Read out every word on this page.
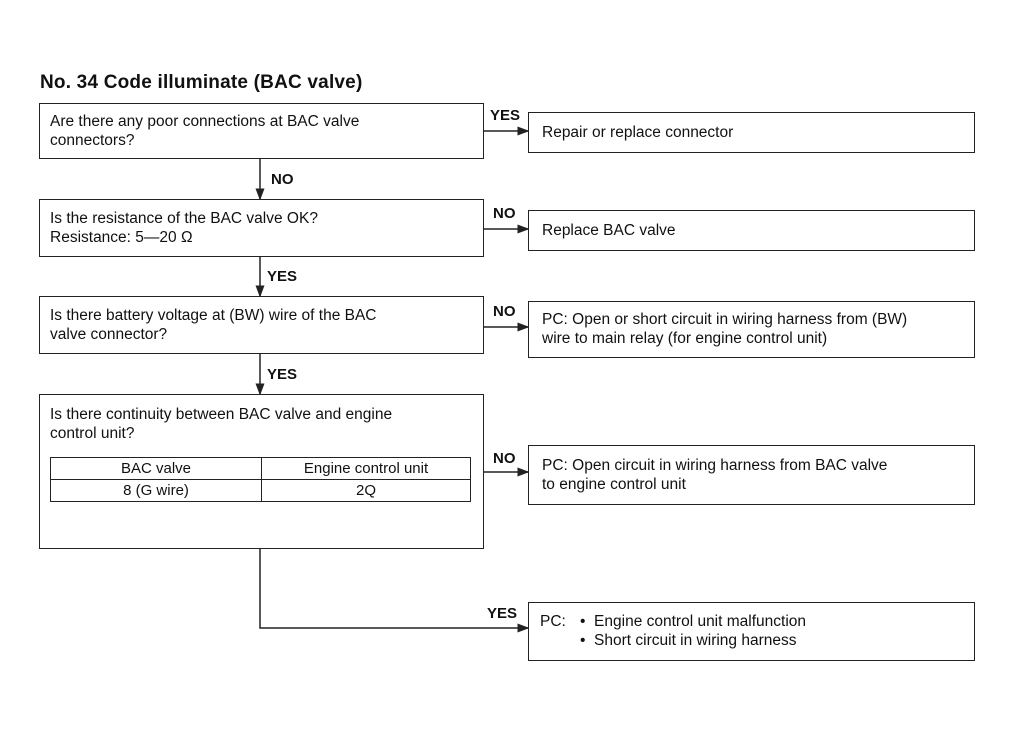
No. 34 Code illuminate (BAC valve)
Are there any poor connections at BAC valve
connectors?
Is the resistance of the BAC valve OK?
Resistance: 5—20 Ω
Is there battery voltage at (BW) wire of the BAC
valve connector?
Is there continuity between BAC valve and engine
control unit?
BAC valve	Engine control unit
8 (G wire)	2Q
Repair or replace connector
Replace BAC valve
PC: Open or short circuit in wiring harness from (BW)
wire to main relay (for engine control unit)
PC: Open circuit in wiring harness from BAC valve
to engine control unit
PC: •  Engine control unit malfunction
•  Short circuit in wiring harness
YES
NO
NO
YES
NO
YES
NO
YES
